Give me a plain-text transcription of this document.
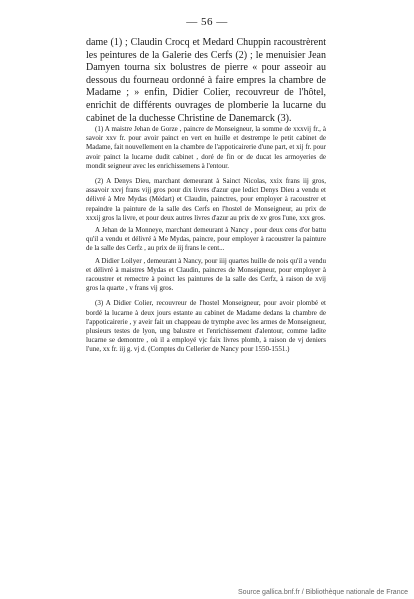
— 56 —

dame (1) ; Claudin Crocq et Medard Chuppin racoustrèrent les peintures de la Galerie des Cerfs (2) ; le menuisier Jean Damyen tourna six bolustres de pierre « pour asseoir au dessous du fourneau ordonné à faire empres la chambre de Madame ; » enfin, Didier Colier, recouvreur de l'hôtel, enrichit de différents ouvrages de plomberie la lucarne du cabinet de la duchesse Christine de Danemarck (3).

(1) A maistre Jehan de Gorze , paincre de Monseigneur, la somme de xxxvij fr., à savoir xxv fr. pour avoir painct en vert en huille et destrempe le petit cabinet de Madame, fait nouvellement en la chambre de l'appoticairerie d'une part, et xij fr. pour avoir painct la lucarne dudit cabinet , doré de fin or de ducat les armoyeries de mondit seigneur avec les enrichissemens à l'entour.

(2) A Denys Dieu, marchant demeurant à Sainct Nicolas, xxix frans iij gros, assavoir xxvj frans vijj gros pour dix livres d'azur que ledict Denys Dieu a vendu et délivré à Mre Mydas (Médart) et Claudin, painctres, pour employer à racoustrer et repaindre la painture de la salle des Cerfs en l'hostel de Monseigneur, au prix de xxxij gros la livre, et pour deux autres livres d'azur au prix de xv gros l'une, xxx gros.

A Jehan de la Monneye, marchant demeurant à Nancy , pour deux cens d'or battu qu'il a vendu et délivré à Me Mydas, paincre, pour employer à racoustrer la painture de la salle des Cerfz , au prix de iij frans le cent...

A Didier Loilyer , demeurant à Nancy, pour iiij quartes huille de nois qu'il a vendu et délivré à maistres Mydas et Claudin, paincres de Monseigneur, pour employer à racoustrer et remectre à poinct les paintures de la salle des Cerfz, à raison de xvij gros la quarte , v frans vij gros.

(3) A Didier Colier, recouvreur de l'hostel Monseigneur, pour avoir plombé et bordé la lucarne à deux jours estante au cabinet de Madame dedans la chambre de l'appoticairerie , y aveir fait un chappeau de trymphe avec les armes de Monseigneur, plusieurs testes de lyon, ung balustre et l'enrichissement d'alentour, comme ladite lucarne se demontre , où il a employé vjc faix livres plomb, à raison de vj deniers l'une, xx fr. iij g. vj d. (Comptes du Cellerier de Nancy pour 1550-1551.)

Source gallica.bnf.fr / Bibliothèque nationale de France
